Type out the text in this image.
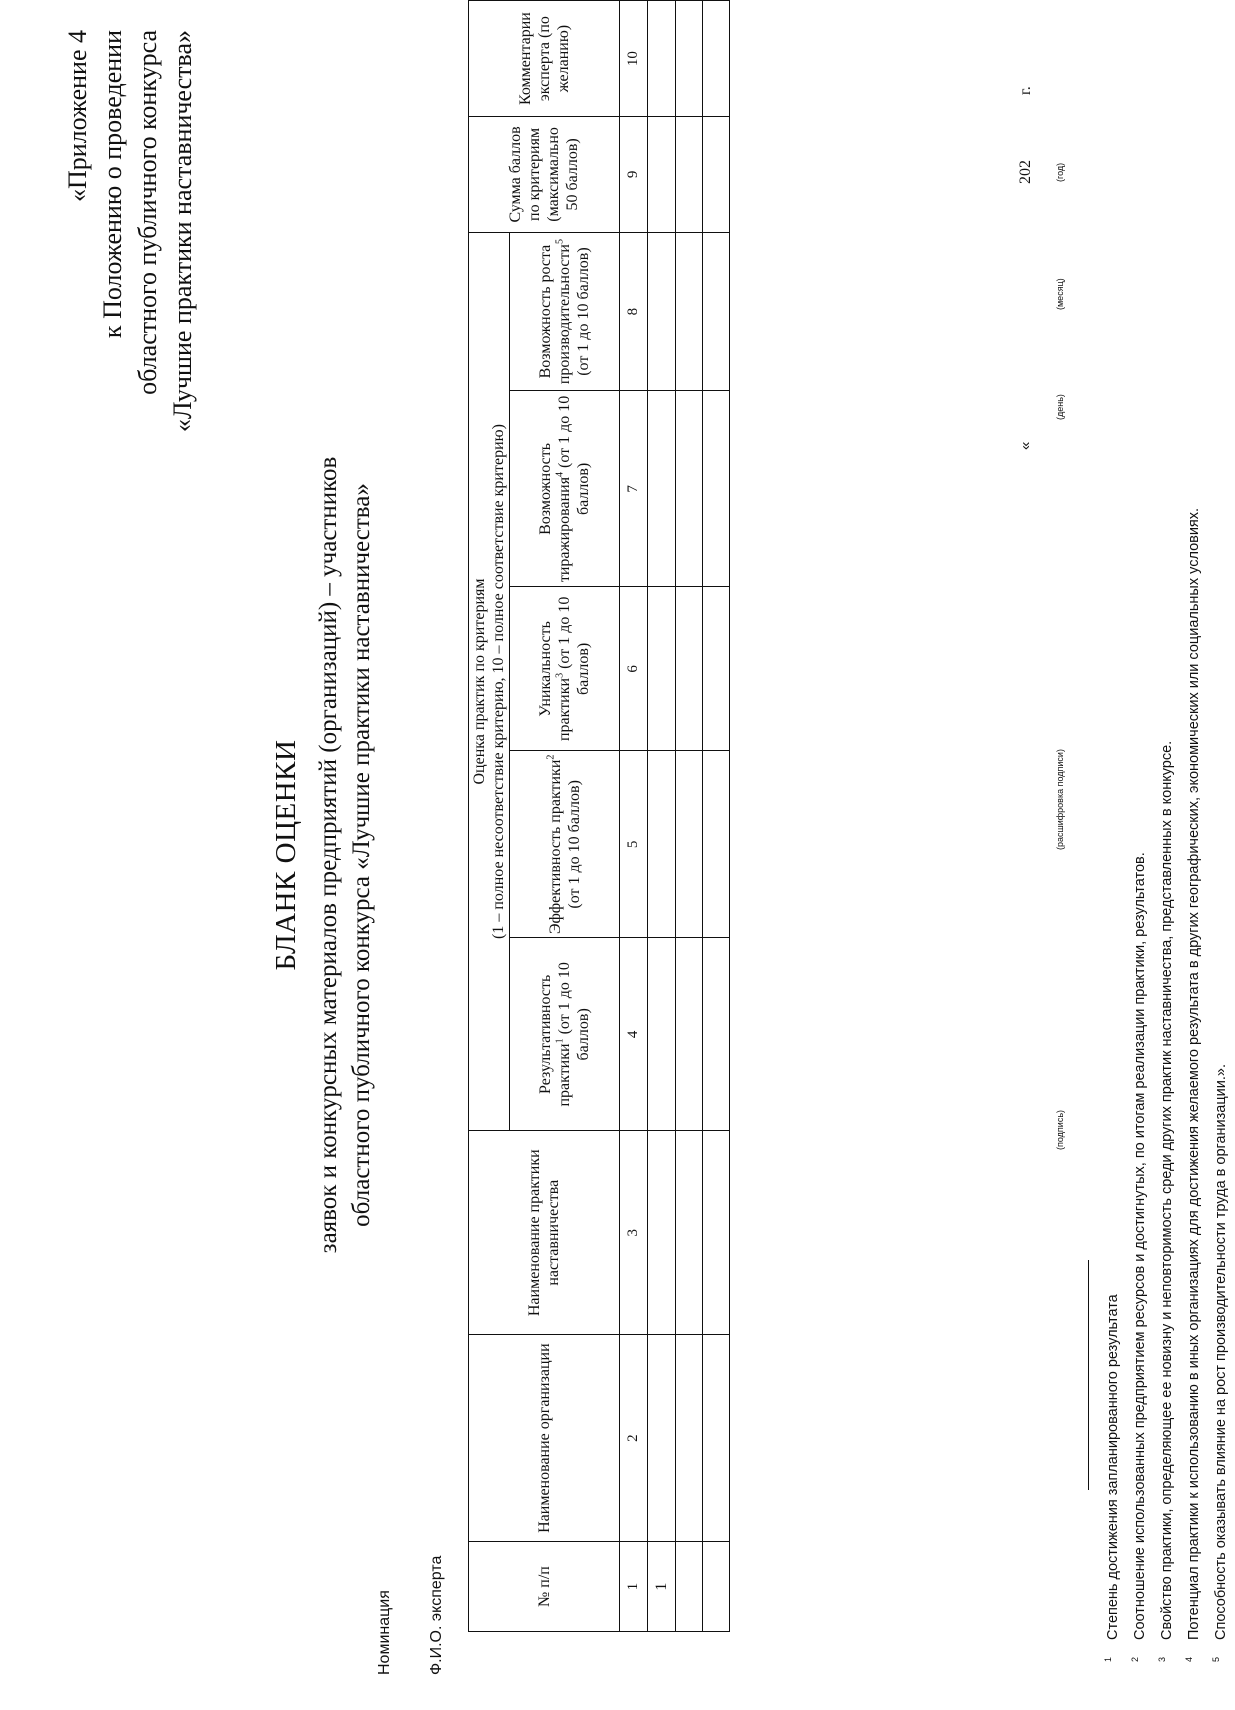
«Приложение 4 к Положению о проведении областного публичного конкурса «Лучшие практики наставничества»
БЛАНК ОЦЕНКИ заявок и конкурсных материалов предприятий (организаций) – участников областного публичного конкурса «Лучшие практики наставничества»
Номинация Ф.И.О. эксперта	№ п/п	Наименование организации	Наименование практики наставничества	Оценка практик по критериям (1 – полное несоответствие критерию, 10 – полное соответствие критерию)					Сумма баллов по критериям (максимально 50 баллов)	Комментарии эксперта (по желанию)
			Результативность практики$^1$ (от 1 до 10 баллов)	Эффективность практики$^2$ (от 1 до 10 баллов)	Уникальность практики$^3$ (от 1 до 10 баллов)	Возможность тиражирования$^4$ (от 1 до 10 баллов)	Возможность роста производительности$^5$ (от 1 до 10 баллов)		
1	2	3	4	5	6	7	8	9	10
1									

(подпись)
(расшифровка подписи)
«
(день)
(месяц)
202 (год)
г.
1
Степень достижения запланированного результата
2
Соотношение использованных предприятием ресурсов и достигнутых, по итогам реализации практики, результатов.
3
Свойство практики, определяющее ее новизну и неповторимость среди других практик наставничества, представленных в конкурсе.
4
Потенциал практики к использованию в иных организациях для достижения желаемого результата в других географических, экономических или социальных условиях.
5
Способность оказывать влияние на рост производительности труда в организации.».
